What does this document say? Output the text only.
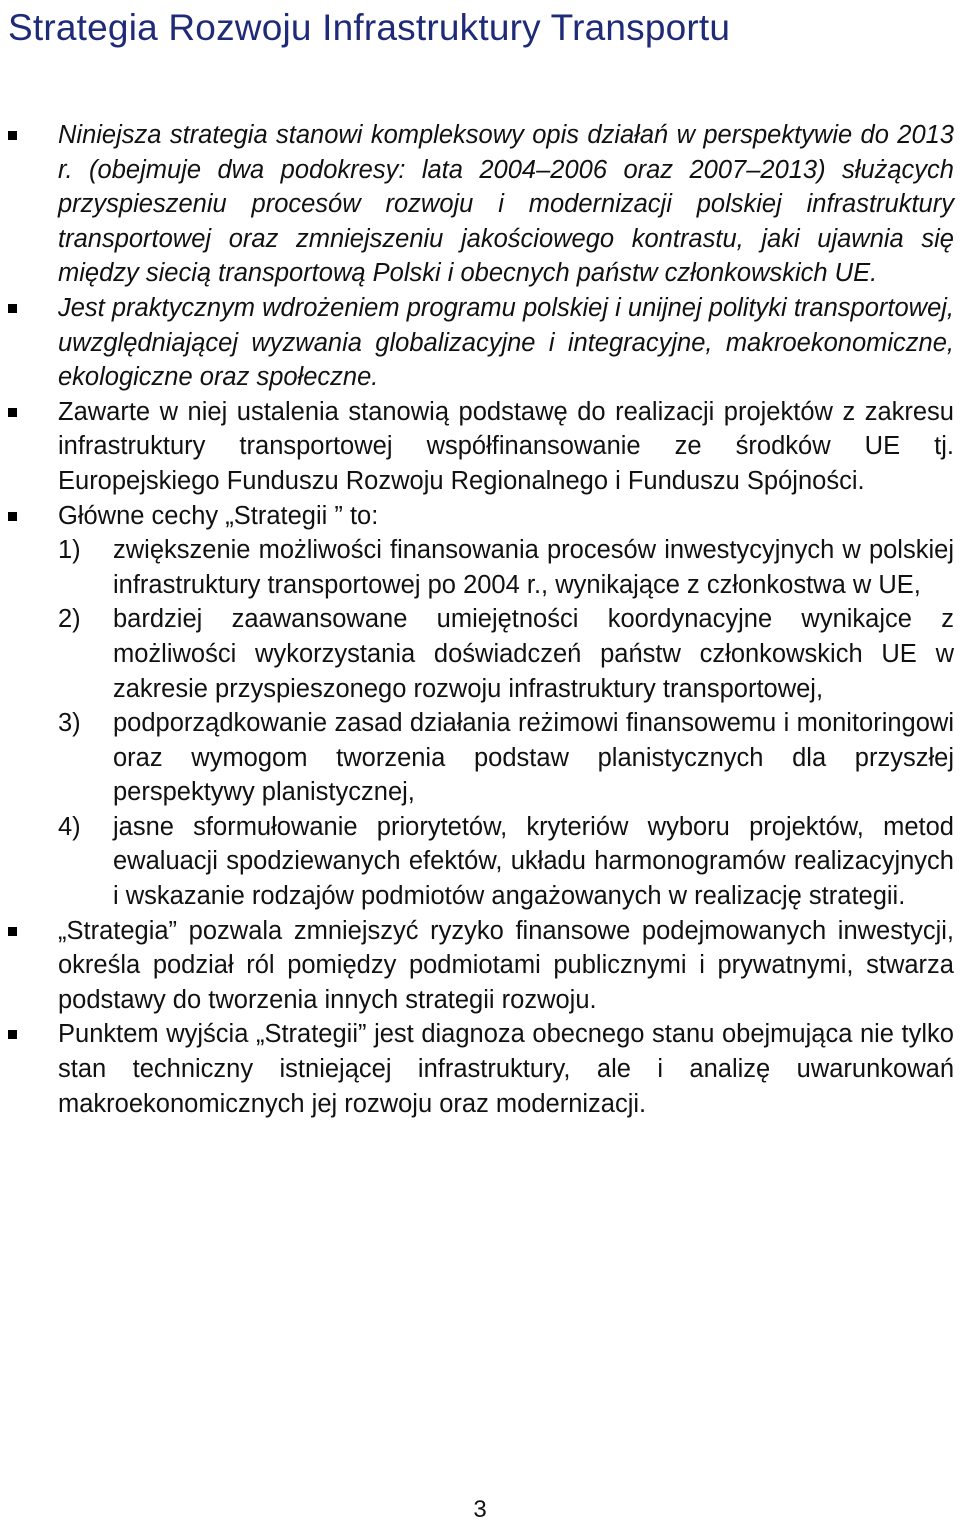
Strategia Rozwoju Infrastruktury Transportu
Niniejsza strategia stanowi kompleksowy opis działań w perspektywie do 2013 r. (obejmuje dwa podokresy: lata 2004–2006 oraz 2007–2013) służących przyspieszeniu procesów rozwoju i modernizacji polskiej infrastruktury transportowej oraz zmniejszeniu jakościowego kontrastu, jaki ujawnia się między siecią transportową Polski i obecnych państw członkowskich UE.
Jest praktycznym wdrożeniem programu polskiej i unijnej polityki transportowej, uwzględniającej wyzwania globalizacyjne i integracyjne, makroekonomiczne, ekologiczne oraz społeczne.
Zawarte w niej ustalenia stanowią podstawę do realizacji projektów z zakresu infrastruktury transportowej współfinansowanie ze środków UE tj. Europejskiego Funduszu Rozwoju Regionalnego i Funduszu Spójności.
Główne cechy „Strategii ” to:
1) zwiększenie możliwości finansowania procesów inwestycyjnych w polskiej infrastruktury transportowej po 2004 r., wynikające z członkostwa w UE,
2) bardziej zaawansowane umiejętności koordynacyjne wynikajce z możliwości wykorzystania doświadczeń państw członkowskich UE w zakresie przyspieszonego rozwoju infrastruktury transportowej,
3) podporządkowanie zasad działania reżimowi finansowemu i monitoringowi oraz wymogom tworzenia podstaw planistycznych dla przyszłej perspektywy planistycznej,
4) jasne sformułowanie priorytetów, kryteriów wyboru projektów, metod ewaluacji spodziewanych efektów, układu harmonogramów realizacyjnych i wskazanie rodzajów podmiotów angażowanych w realizację strategii.
„Strategia” pozwala zmniejszyć ryzyko finansowe podejmowanych inwestycji, określa podział ról pomiędzy podmiotami publicznymi i prywatnymi, stwarza podstawy do tworzenia innych strategii rozwoju.
Punktem wyjścia „Strategii” jest diagnoza obecnego stanu obejmująca nie tylko stan techniczny istniejącej infrastruktury, ale i analizę uwarunkowań makroekonomicznych jej rozwoju oraz modernizacji.
3
